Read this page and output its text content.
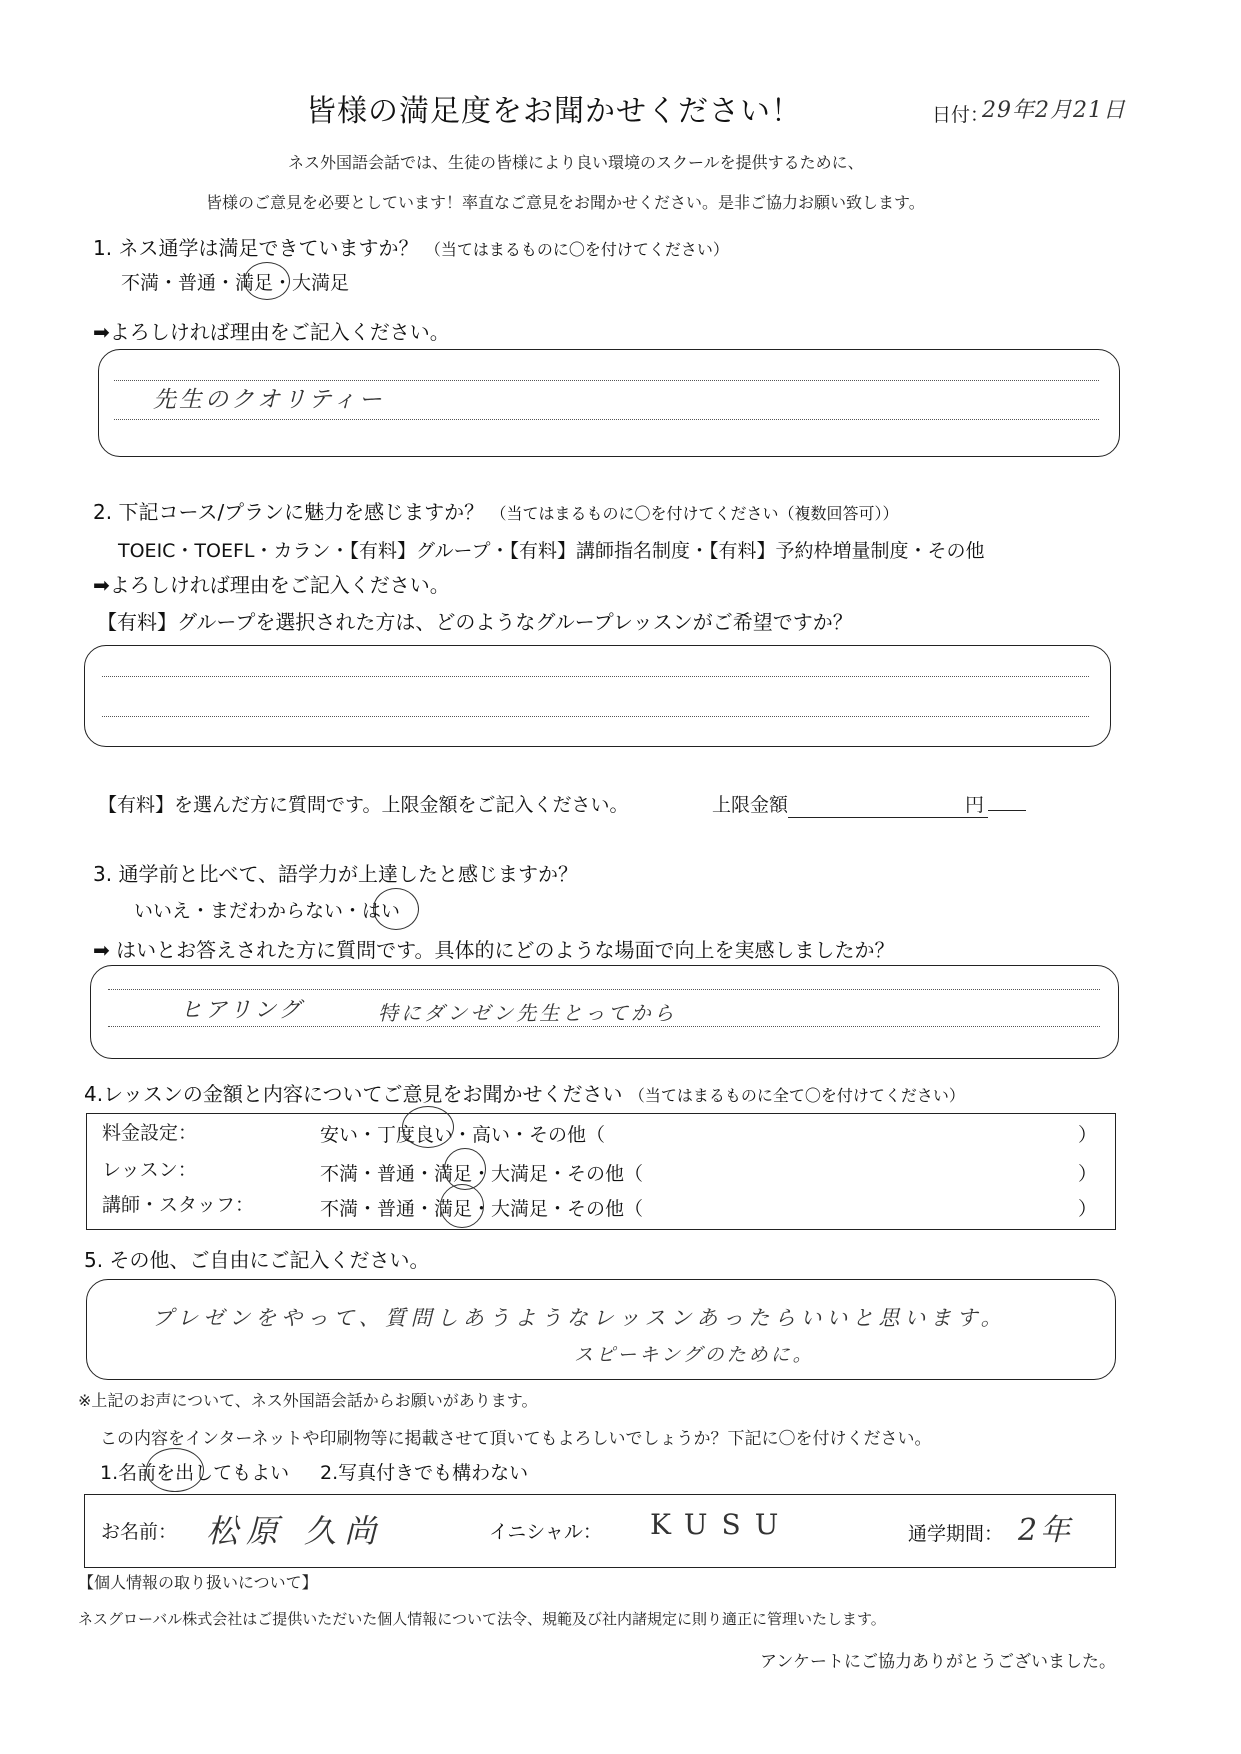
皆様の満足度をお聞かせください！	日付：
29年2月21日
ネス外国語会話では、生徒の皆様により良い環境のスクールを提供するために、
皆様のご意見を必要としています！率直なご意見をお聞かせください。是非ご協力お願い致します。
1. ネス通学は満足できていますか？ （当てはまるものに〇を付けてください）
不満・普通・満足・大満足
➡よろしければ理由をご記入ください。
先生のクオリティー
2. 下記コース/プランに魅力を感じますか？ （当てはまるものに〇を付けてください（複数回答可））
TOEIC・TOEFL・カラン・【有料】グループ・【有料】講師指名制度・【有料】予約枠増量制度・その他
➡よろしければ理由をご記入ください。
【有料】グループを選択された方は、どのようなグループレッスンがご希望ですか？
【有料】を選んだ方に質問です。上限金額をご記入ください。	上限金額	円
3. 通学前と比べて、語学力が上達したと感じますか？
いいえ・まだわからない・はい
➡ はいとお答えされた方に質問です。具体的にどのような場面で向上を実感しましたか？
ヒアリング	特にダンゼン先生とってから
4.レッスンの金額と内容についてご意見をお聞かせください （当てはまるものに全て〇を付けてください）
料金設定：	安い・丁度良い・高い・その他（	）
レッスン：	不満・普通・満足・大満足・その他（	）
講師・スタッフ：	不満・普通・満足・大満足・その他（	）
5. その他、ご自由にご記入ください。
プレゼンをやって、質問しあうようなレッスンあったらいいと思います。
スピーキングのために。
※上記のお声について、ネス外国語会話からお願いがあります。
この内容をインターネットや印刷物等に掲載させて頂いてもよろしいでしょうか？下記に〇を付けください。
1.名前を出してもよい 2.写真付きでも構わない
お名前： 松原 久尚	イニシャル： KUSU	通学期間： 2年
【個人情報の取り扱いについて】
ネスグローバル株式会社はご提供いただいた個人情報について法令、規範及び社内諸規定に則り適正に管理いたします。
アンケートにご協力ありがとうございました。
